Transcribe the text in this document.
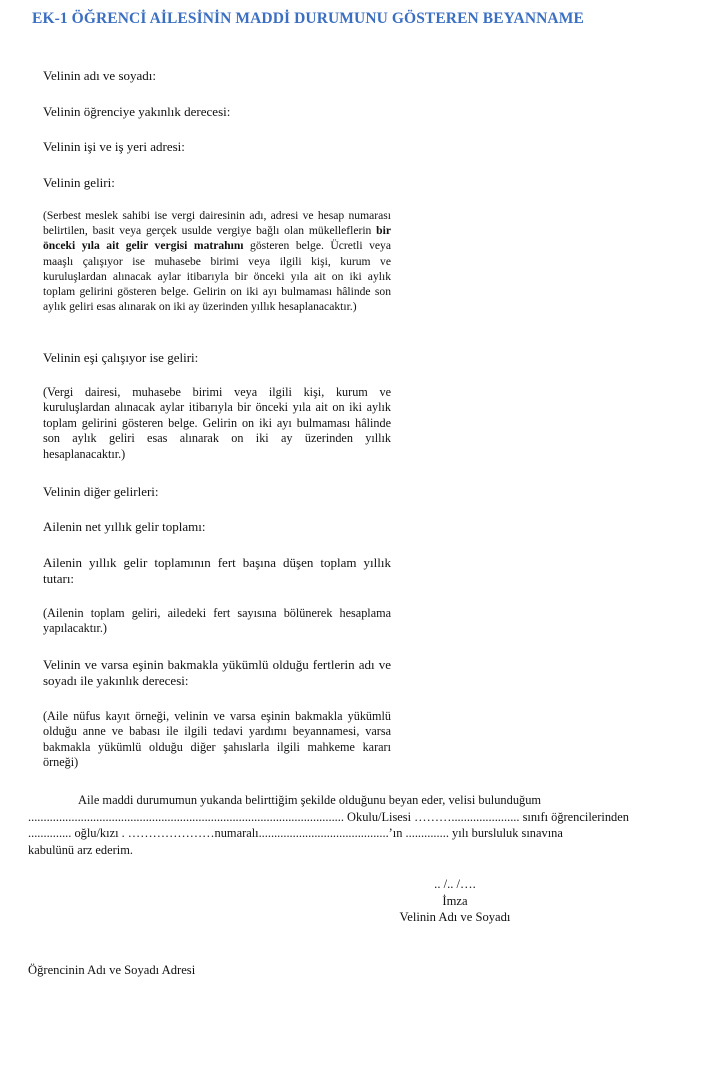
EK-1 ÖĞRENCİ AİLESİNİN MADDİ DURUMUNU GÖSTEREN BEYANNAME
Velinin adı ve soyadı:
Velinin öğrenciye yakınlık derecesi:
Velinin işi ve iş yeri adresi:
Velinin geliri:
(Serbest meslek sahibi ise vergi dairesinin adı, adresi ve hesap numarası belirtilen, basit veya gerçek usulde vergiye bağlı olan mükelleflerin bir önceki yıla ait gelir vergisi matrahını gösteren belge. Ücretli veya maaşlı çalışıyor ise muhasebe birimi veya ilgili kişi, kurum ve kuruluşlardan alınacak aylar itibarıyla bir önceki yıla ait on iki aylık toplam gelirini gösteren belge. Gelirin on iki ayı bulmaması hâlinde son aylık geliri esas alınarak on iki ay üzerinden yıllık hesaplanacaktır.)
Velinin eşi çalışıyor ise geliri:
(Vergi dairesi, muhasebe birimi veya ilgili kişi, kurum ve kuruluşlardan alınacak aylar itibarıyla bir önceki yıla ait on iki aylık toplam gelirini gösteren belge. Gelirin on iki ayı bulmaması hâlinde son aylık geliri esas alınarak on iki ay üzerinden yıllık hesaplanacaktır.)
Velinin diğer gelirleri:
Ailenin net yıllık gelir toplamı:
Ailenin yıllık gelir toplamının fert başına düşen toplam yıllık tutarı:
(Ailenin toplam geliri, ailedeki fert sayısına bölünerek hesaplama yapılacaktır.)
Velinin ve varsa eşinin bakmakla yükümlü olduğu fertlerin adı ve soyadı ile yakınlık derecesi:
(Aile nüfus kayıt örneği, velinin ve varsa eşinin bakmakla yükümlü olduğu anne ve babası ile ilgili tedavi yardımı beyannamesi, varsa bakmakla yükümlü olduğu diğer şahıslarla ilgili mahkeme kararı örneği)
Aile maddi durumumun yukanda belirttiğim şekilde olduğunu beyan eder, velisi bulunduğum
...................................................................................................... Okulu/Lisesi ………...................... sınıfı öğrencilerinden
.............. oğlu/kızı . …………………numaralı..........................................’ın .............. yılı bursluluk sınavına
kabulünü arz ederim.
.. /.. /….
İmza
Velinin Adı ve Soyadı
Öğrencinin Adı ve Soyadı Adresi
